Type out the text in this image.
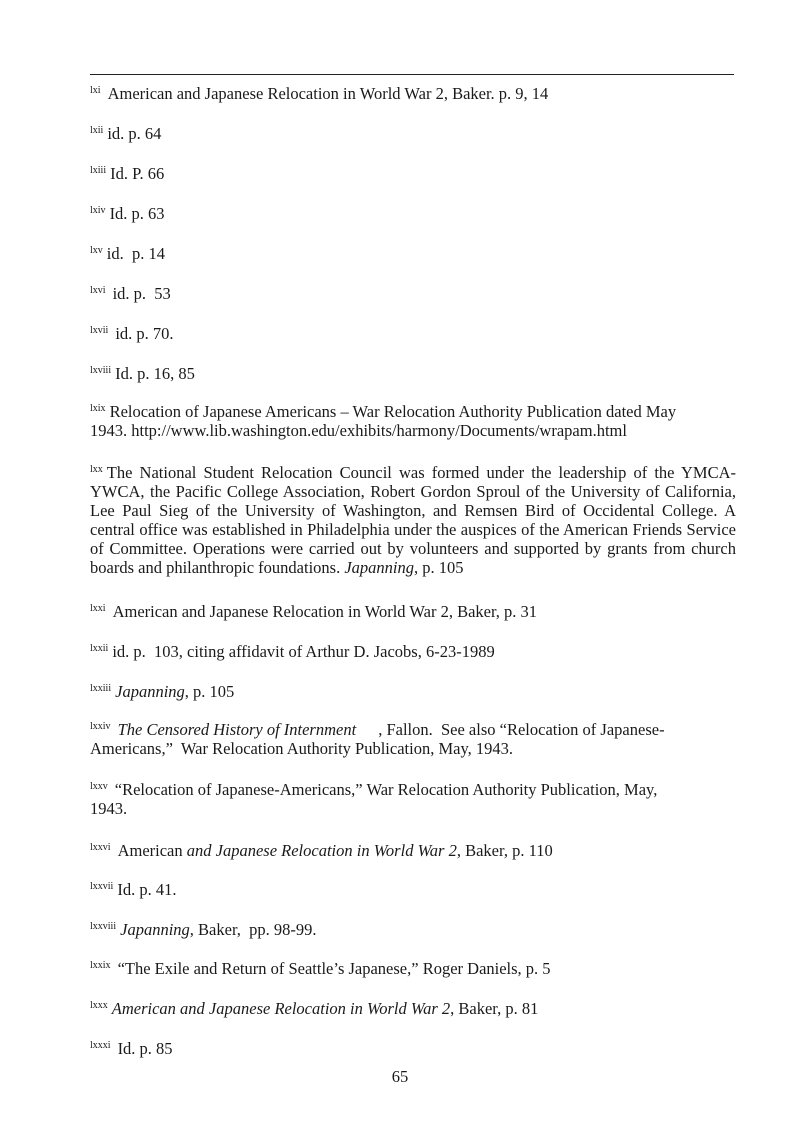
$^{lxi}$ American and Japanese Relocation in World War 2, Baker. p. 9, 14

$^{lxii}$ id. p. 64

$^{lxiii}$ Id. P. 66

$^{lxiv}$ Id. p. 63

$^{lxv}$ id.  p. 14

$^{lxvi}$ id. p.  53

$^{lxvii}$ id. p. 70.

$^{lxviii}$ Id. p. 16, 85

$^{lxix}$ Relocation of Japanese Americans – War Relocation Authority Publication dated May 1943. http://www.lib.washington.edu/exhibits/harmony/Documents/wrapam.html

$^{lxx}$ The National Student Relocation Council was formed under the leadership of the YMCA-YWCA, the Pacific College Association, Robert Gordon Sproul of the University of California, Lee Paul Sieg of the University of Washington, and Remsen Bird of Occidental College. A central office was established in Philadelphia under the auspices of the American Friends Service of Committee. Operations were carried out by volunteers and supported by grants from church boards and philanthropic foundations. Japanning, p. 105

$^{lxxi}$ American and Japanese Relocation in World War 2, Baker, p. 31

$^{lxxii}$ id. p.  103, citing affidavit of Arthur D. Jacobs, 6-23-1989

$^{lxxiii}$ Japanning, p. 105

$^{lxxiv}$ The Censored History of Internment , Fallon.  See also “Relocation of Japanese-Americans,”  War Relocation Authority Publication, May, 1943.

$^{lxxv}$ “Relocation of Japanese-Americans,” War Relocation Authority Publication, May, 1943.

$^{lxxvi}$ American and Japanese Relocation in World War 2, Baker, p. 110

$^{lxxvii}$ Id. p. 41.

$^{lxxviii}$ Japanning, Baker,  pp. 98-99.

$^{lxxix}$ “The Exile and Return of Seattle’s Japanese,” Roger Daniels, p. 5

$^{lxxx}$ American and Japanese Relocation in World War 2, Baker, p. 81

$^{lxxxi}$ Id. p. 85

65
